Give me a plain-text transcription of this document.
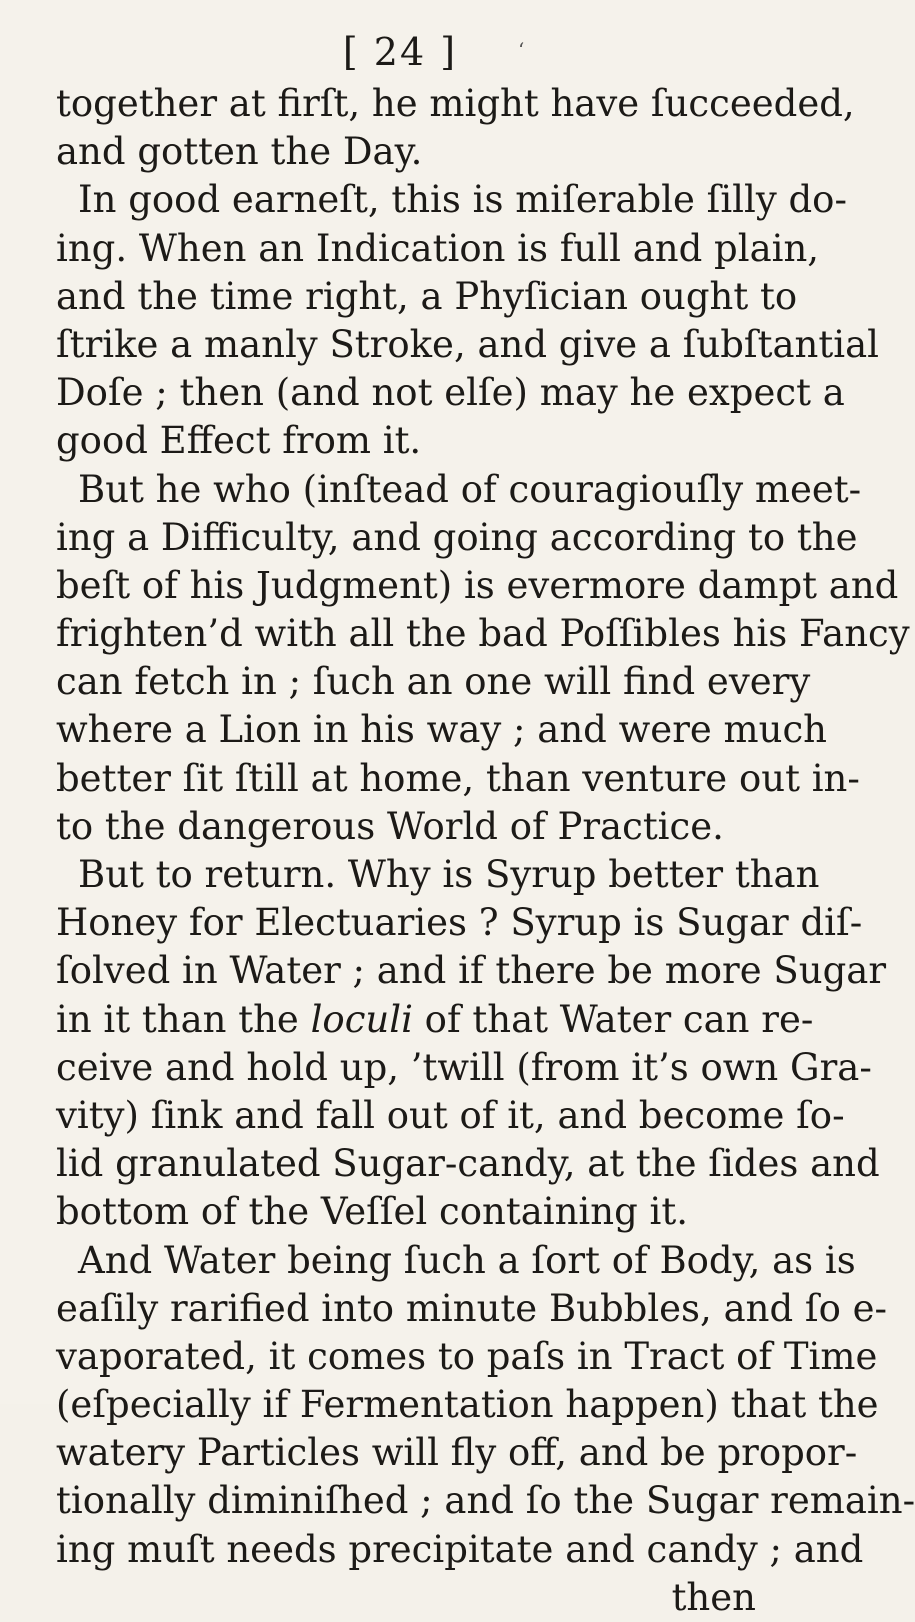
[ 24 ]	‘
together at firſt, he might have ſucceeded,
and gotten the Day.
In good earneſt, this is miſerable ſilly do-
ing. When an Indication is full and plain,
and the time right, a Phyſician ought to
ſtrike a manly Stroke, and give a ſubſtantial
Doſe ; then (and not elſe) may he expect a
good Effect from it.
But he who (inſtead of couragiouſly meet-
ing a Difficulty, and going according to the
beſt of his Judgment) is evermore dampt and
frighten’d with all the bad Poſſibles his Fancy
can fetch in ; ſuch an one will find every
where a Lion in his way ; and were much
better ſit ſtill at home, than venture out in-
to the dangerous World of Practice.
But to return. Why is Syrup better than
Honey for Electuaries ? Syrup is Sugar diſ-
ſolved in Water ; and if there be more Sugar
in it than the loculi of that Water can re-
ceive and hold up, ’twill (from it’s own Gra-
vity) ſink and fall out of it, and become ſo-
lid granulated Sugar-candy, at the ſides and
bottom of the Veſſel containing it.
And Water being ſuch a ſort of Body, as is
eaſily rarified into minute Bubbles, and ſo e-
vaporated, it comes to paſs in Tract of Time
(eſpecially if Fermentation happen) that the
watery Particles will fly off, and be propor-
tionally diminiſhed ; and ſo the Sugar remain-
ing muſt needs precipitate and candy ; and
then
